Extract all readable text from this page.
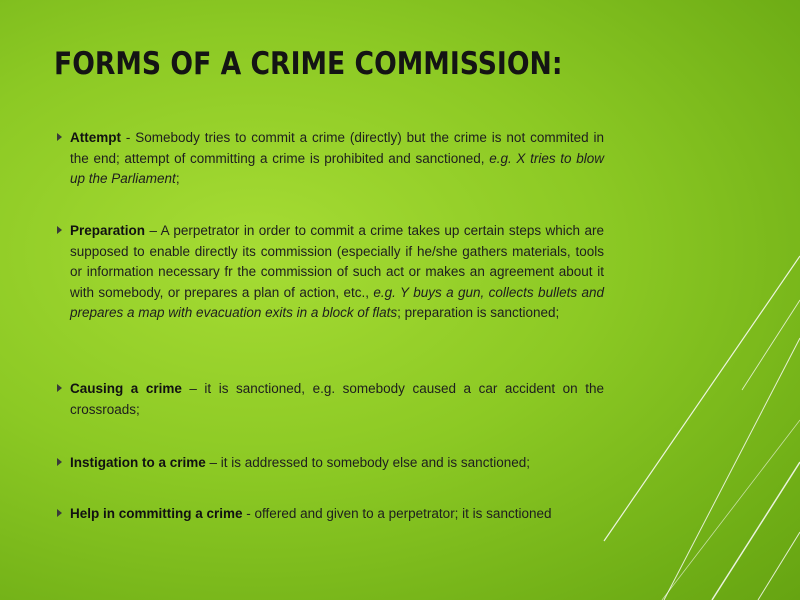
FORMS OF A CRIME COMMISSION:
Attempt - Somebody tries to commit a crime (directly) but the crime is not commited in the end; attempt of committing a crime is prohibited and sanctioned, e.g. X tries to blow up the Parliament;
Preparation – A perpetrator in order to commit a crime takes up certain steps which are supposed to enable directly its commission (especially if he/she gathers materials, tools or information necessary fr the commission of such act or makes an agreement about it with somebody, or prepares a plan of action, etc., e.g. Y buys a gun, collects bullets and prepares a map with evacuation exits in a block of flats; preparation is sanctioned;
Causing a crime – it is sanctioned, e.g. somebody caused a car accident on the crossroads;
Instigation to a crime – it is addressed to somebody else and is sanctioned;
Help in committing a crime - offered and given to a perpetrator; it is sanctioned
